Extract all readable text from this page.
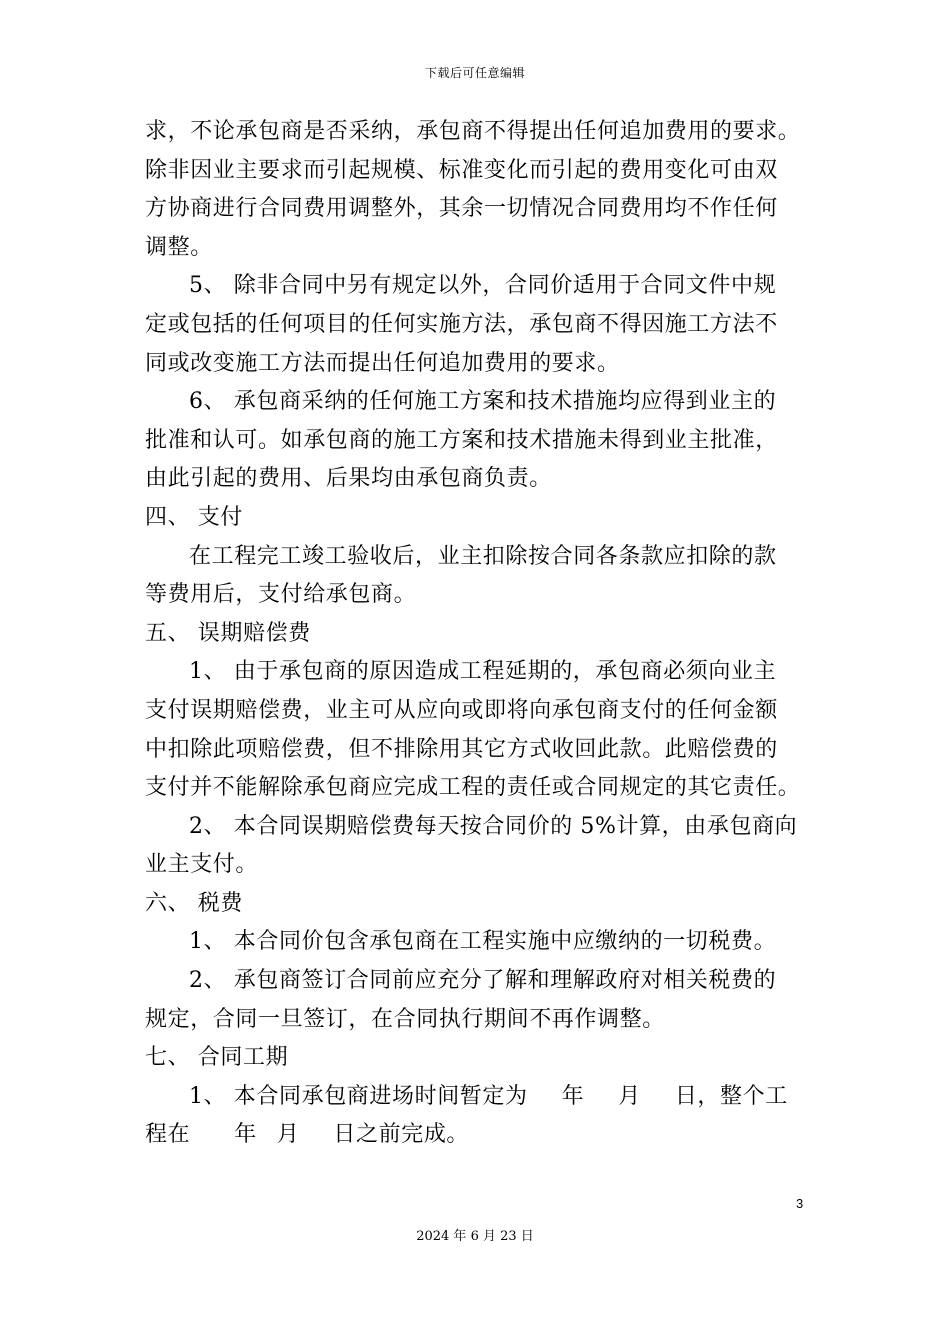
下载后可任意编辑
求，不论承包商是否采纳，承包商不得提出任何追加费用的要求。
除非因业主要求而引起规模、标准变化而引起的费用变化可由双
方协商进行合同费用调整外，其余一切情况合同费用均不作任何
调整。
5、 除非合同中另有规定以外，合同价适用于合同文件中规
定或包括的任何项目的任何实施方法，承包商不得因施工方法不
同或改变施工方法而提出任何追加费用的要求。
6、 承包商采纳的任何施工方案和技术措施均应得到业主的
批准和认可。如承包商的施工方案和技术措施未得到业主批准，
由此引起的费用、后果均由承包商负责。
四、 支付
在工程完工竣工验收后，业主扣除按合同各条款应扣除的款
等费用后，支付给承包商。
五、 误期赔偿费
1、 由于承包商的原因造成工程延期的，承包商必须向业主
支付误期赔偿费，业主可从应向或即将向承包商支付的任何金额
中扣除此项赔偿费，但不排除用其它方式收回此款。此赔偿费的
支付并不能解除承包商应完成工程的责任或合同规定的其它责任。
2、 本合同误期赔偿费每天按合同价的 5%计算，由承包商向
业主支付。
六、 税费
1、 本合同价包含承包商在工程实施中应缴纳的一切税费。
2、 承包商签订合同前应充分了解和理解政府对相关税费的
规定，合同一旦签订，在合同执行期间不再作调整。
七、 合同工期
1、 本合同承包商进场时间暂定为 年 月 日，整个工
程在 年 月 日之前完成。
3
2024 年 6 月 23 日
